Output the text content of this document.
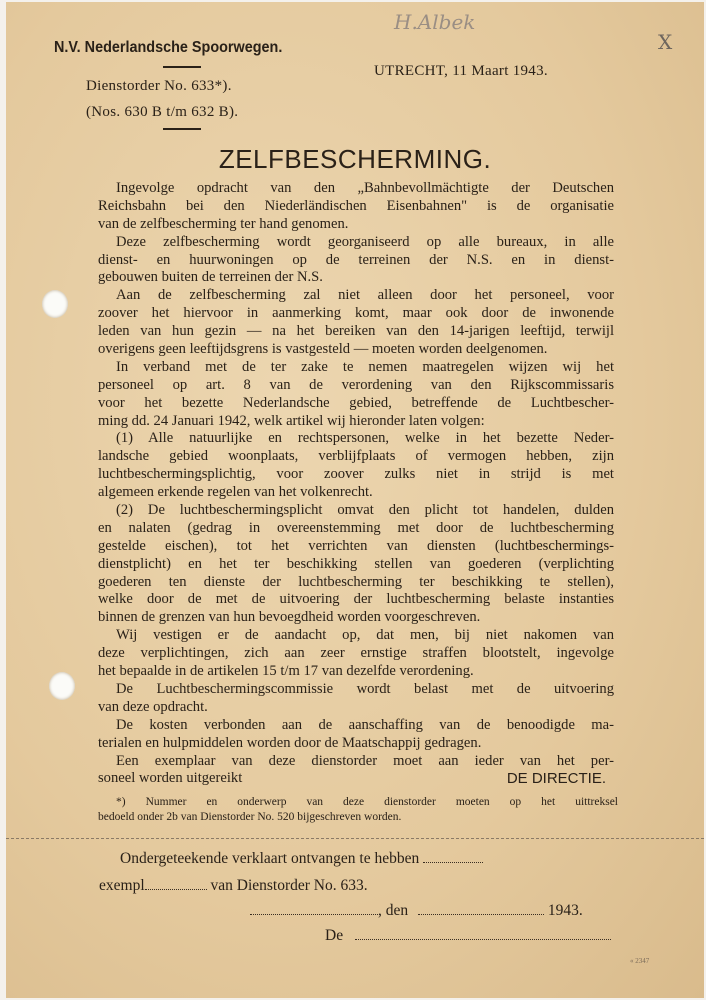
H.Albek
X
N.V. Nederlandsche Spoorwegen.
Dienstorder No. 633*).
(Nos. 630 B t/m 632 B).
UTRECHT, 11 Maart 1943.
ZELFBESCHERMING.
Ingevolge opdracht van den „Bahnbevollmächtigte der Deutschen
Reichsbahn bei den Niederländischen Eisenbahnen" is de organisatie
van de zelfbescherming ter hand genomen.
Deze zelfbescherming wordt georganiseerd op alle bureaux, in alle
dienst- en huurwoningen op de terreinen der N.S. en in dienst-
gebouwen buiten de terreinen der N.S.
Aan de zelfbescherming zal niet alleen door het personeel, voor
zoover het hiervoor in aanmerking komt, maar ook door de inwonende
leden van hun gezin — na het bereiken van den 14-jarigen leeftijd, terwijl
overigens geen leeftijdsgrens is vastgesteld — moeten worden deelgenomen.
In verband met de ter zake te nemen maatregelen wijzen wij het
personeel op art. 8 van de verordening van den Rijkscommissaris
voor het bezette Nederlandsche gebied, betreffende de Luchtbescher-
ming dd. 24 Januari 1942, welk artikel wij hieronder laten volgen:
(1) Alle natuurlijke en rechtspersonen, welke in het bezette Neder-
landsche gebied woonplaats, verblijfplaats of vermogen hebben, zijn
luchtbeschermingsplichtig, voor zoover zulks niet in strijd is met
algemeen erkende regelen van het volkenrecht.
(2) De luchtbeschermingsplicht omvat den plicht tot handelen, dulden
en nalaten (gedrag in overeenstemming met door de luchtbescherming
gestelde eischen), tot het verrichten van diensten (luchtbeschermings-
dienstplicht) en het ter beschikking stellen van goederen (verplichting
goederen ten dienste der luchtbescherming ter beschikking te stellen),
welke door de met de uitvoering der luchtbescherming belaste instanties
binnen de grenzen van hun bevoegdheid worden voorgeschreven.
Wij vestigen er de aandacht op, dat men, bij niet nakomen van
deze verplichtingen, zich aan zeer ernstige straffen blootstelt, ingevolge
het bepaalde in de artikelen 15 t/m 17 van dezelfde verordening.
De Luchtbeschermingscommissie wordt belast met de uitvoering
van deze opdracht.
De kosten verbonden aan de aanschaffing van de benoodigde ma-
terialen en hulpmiddelen worden door de Maatschappij gedragen.
Een exemplaar van deze dienstorder moet aan ieder van het per-
soneel worden uitgereikt	DE DIRECTIE.
*) Nummer en onderwerp van deze dienstorder moeten op het uittreksel
bedoeld onder 2b van Dienstorder No. 520 bijgeschreven worden.
Ondergeteekende verklaart ontvangen te hebben
exempl	van Dienstorder No. 633.
, den	1943.
De
« 2347
